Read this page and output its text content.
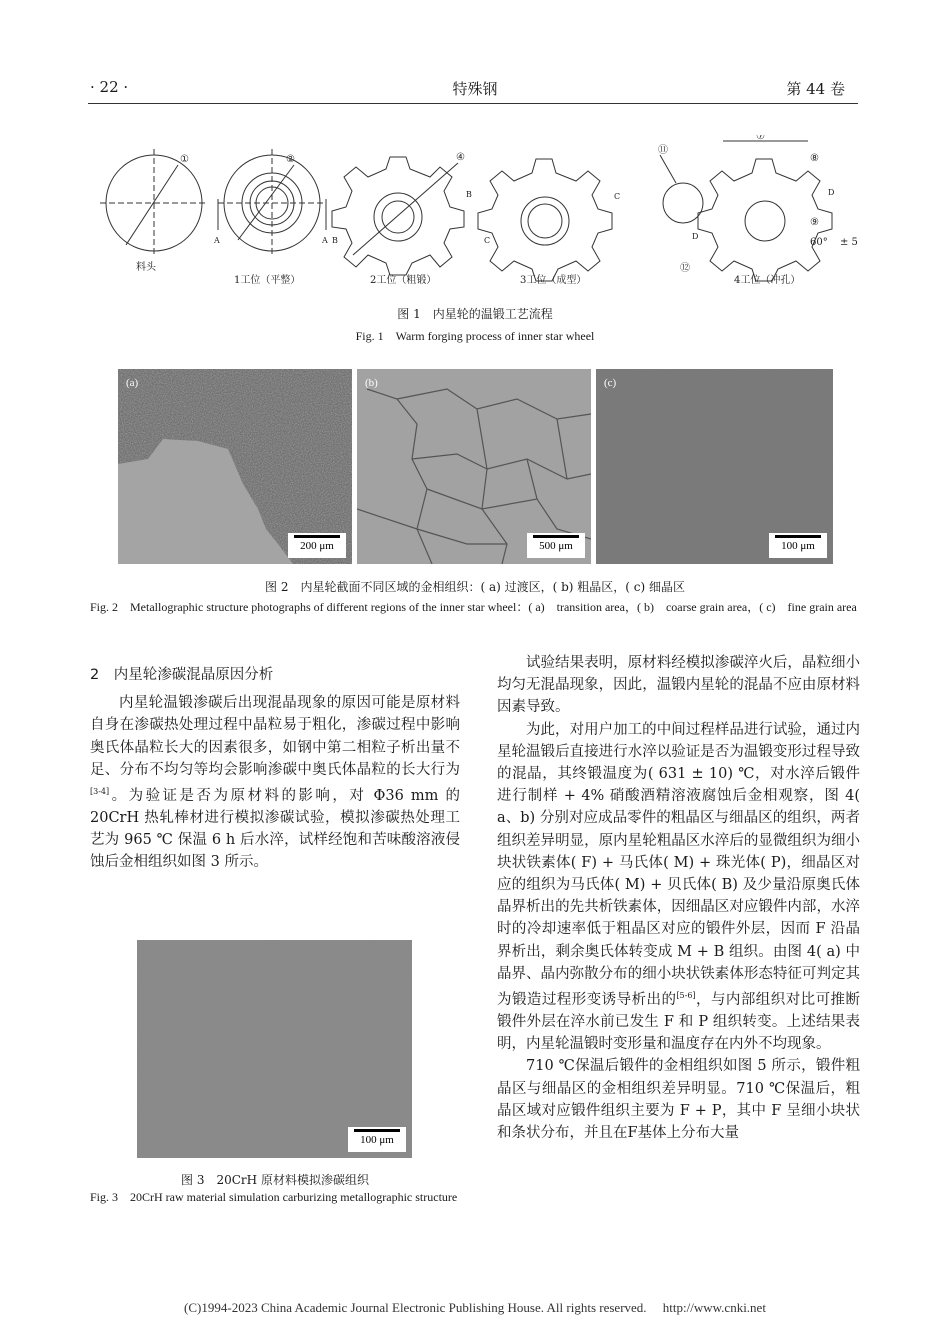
· 22 ·	特殊钢	第 44 卷
①
料头
②
A	A
1工位（平整）
④
B
B
2工位（粗锻）
C
C
3工位（成型）
⑪
⑦
⑧
⑨
D
D
⑫
60° ± 5
4工位（冲孔）
图 1　内星轮的温锻工艺流程
Fig. 1　Warm forging process of inner star wheel
(a)
200 μm
(b)
500 μm
(c)
100 μm
图 2　内星轮截面不同区域的金相组织：( a) 过渡区，( b) 粗晶区，( c) 细晶区
Fig. 2　Metallographic structure photographs of different regions of the inner star wheel：( a)　transition area，( b)　coarse grain area，( c)　fine grain area
2　内星轮渗碳混晶原因分析

内星轮温锻渗碳后出现混晶现象的原因可能是原材料自身在渗碳热处理过程中晶粒易于粗化，渗碳过程中影响奥氏体晶粒长大的因素很多，如钢中第二相粒子析出量不足、分布不均匀等均会影响渗碳中奥氏体晶粒的长大行为[3-4]。为验证是否为原材料的影响，对 Φ36 mm 的 20CrH 热轧棒材进行模拟渗碳试验，模拟渗碳热处理工艺为 965 ℃ 保温 6 h 后水淬，试样经饱和苦味酸溶液侵蚀后金相组织如图 3 所示。

100 μm
图 3　20CrH 原材料模拟渗碳组织
Fig. 3　20CrH raw material simulation carburizing metallographic structure

试验结果表明，原材料经模拟渗碳淬火后，晶粒细小均匀无混晶现象，因此，温锻内星轮的混晶不应由原材料因素导致。

为此，对用户加工的中间过程样品进行试验，通过内星轮温锻后直接进行水淬以验证是否为温锻变形过程导致的混晶，其终锻温度为( 631 ± 10) ℃，对水淬后锻件进行制样 + 4% 硝酸酒精溶液腐蚀后金相观察，图 4( a、b) 分别对应成品零件的粗晶区与细晶区的组织，两者组织差异明显，原内星轮粗晶区水淬后的显微组织为细小块状铁素体( F) + 马氏体( M) + 珠光体( P)，细晶区对应的组织为马氏体( M) + 贝氏体( B) 及少量沿原奥氏体晶界析出的先共析铁素体，因细晶区对应锻件内部，水淬时的冷却速率低于粗晶区对应的锻件外层，因而 F 沿晶界析出，剩余奥氏体转变成 M + B 组织。由图 4( a) 中晶界、晶内弥散分布的细小块状铁素体形态特征可判定其为锻造过程形变诱导析出的[5-6]，与内部组织对比可推断锻件外层在淬水前已发生 F 和 P 组织转变。上述结果表明，内星轮温锻时变形量和温度存在内外不均现象。

710 ℃保温后锻件的金相组织如图 5 所示，锻件粗晶区与细晶区的金相组织差异明显。710 ℃保温后，粗晶区域对应锻件组织主要为 F + P，其中 F 呈细小块状和条状分布，并且在F基体上分布大量

(C)1994-2023 China Academic Journal Electronic Publishing House. All rights reserved.　 http://www.cnki.net
